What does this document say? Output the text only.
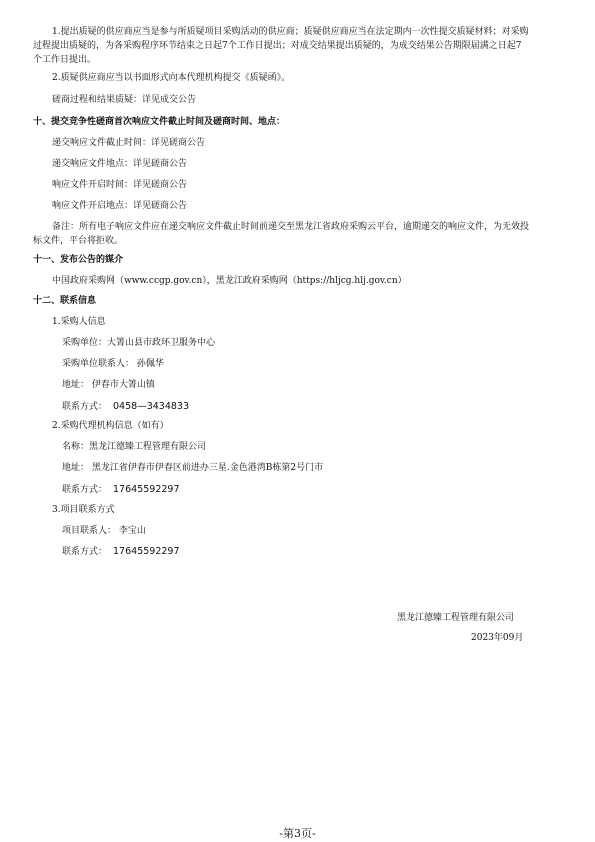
1.提出质疑的供应商应当是参与所质疑项目采购活动的供应商；质疑供应商应当在法定期内一次性提交质疑材料；对采购
过程提出质疑的，为各采购程序环节结束之日起7个工作日提出；对成交结果提出质疑的，为成交结果公告期限届满之日起7
个工作日提出。
2.质疑供应商应当以书面形式向本代理机构提交《质疑函》。
磋商过程和结果质疑：详见成交公告
十、提交竞争性磋商首次响应文件截止时间及磋商时间、地点：
递交响应文件截止时间：详见磋商公告
递交响应文件地点：详见磋商公告
响应文件开启时间：详见磋商公告
响应文件开启地点：详见磋商公告
备注：所有电子响应文件应在递交响应文件截止时间前递交至黑龙江省政府采购云平台，逾期递交的响应文件，为无效投
标文件，平台将拒收。
十一、发布公告的媒介
中国政府采购网（www.ccgp.gov.cn），黑龙江政府采购网（https://hljcg.hlj.gov.cn）
十二、联系信息
1.采购人信息
采购单位：大箐山县市政环卫服务中心
采购单位联系人： 孙佩华
地址： 伊春市大箐山镇
联系方式： 0458—3434833
2.采购代理机构信息（如有）
名称：黑龙江德臻工程管理有限公司
地址： 黑龙江省伊春市伊春区前进办三星.金色港湾B栋第2号门市
联系方式： 17645592297
3.项目联系方式
项目联系人： 李宝山
联系方式： 17645592297
黑龙江德臻工程管理有限公司
2023年09月
-第3页-
